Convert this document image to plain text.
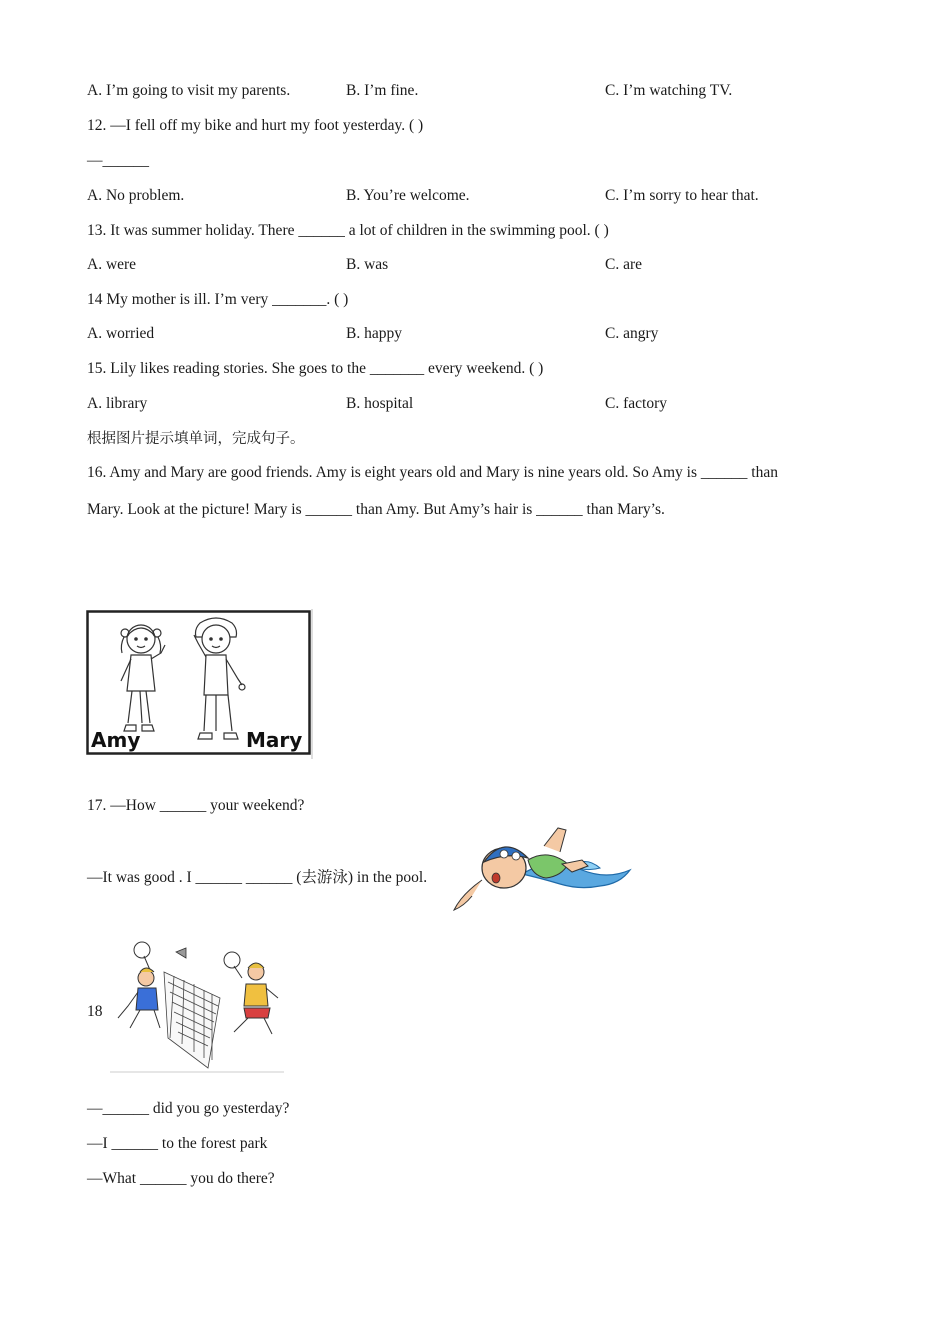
A. I’m going to visit my parents.	B. I’m fine.	C. I’m watching TV.
12. —I fell off my bike and hurt my foot yesterday. ( )
—______
A. No problem.	B. You’re welcome.	C. I’m sorry to hear that.
13. It was summer holiday. There ______ a lot of children in the swimming pool. ( )
A. were	B. was	C. are
14 My mother is ill. I’m very _______. ( )
A. worried	B. happy	C. angry
15. Lily likes reading stories. She goes to the _______ every weekend. ( )
A. library	B. hospital	C. factory
根据图片提示填单词，完成句子。
16. Amy and Mary are good friends. Amy is eight years old and Mary is nine years old. So Amy is ______ than
Mary. Look at the picture! Mary is ______ than Amy. But Amy’s hair is ______ than Mary’s.
Amy	Mary
17. —How ______ your weekend?
—It was good . I ______ ______ (去游泳) in the pool.
18
—______ did you go yesterday?
—I ______ to the forest park
—What ______ you do there?
